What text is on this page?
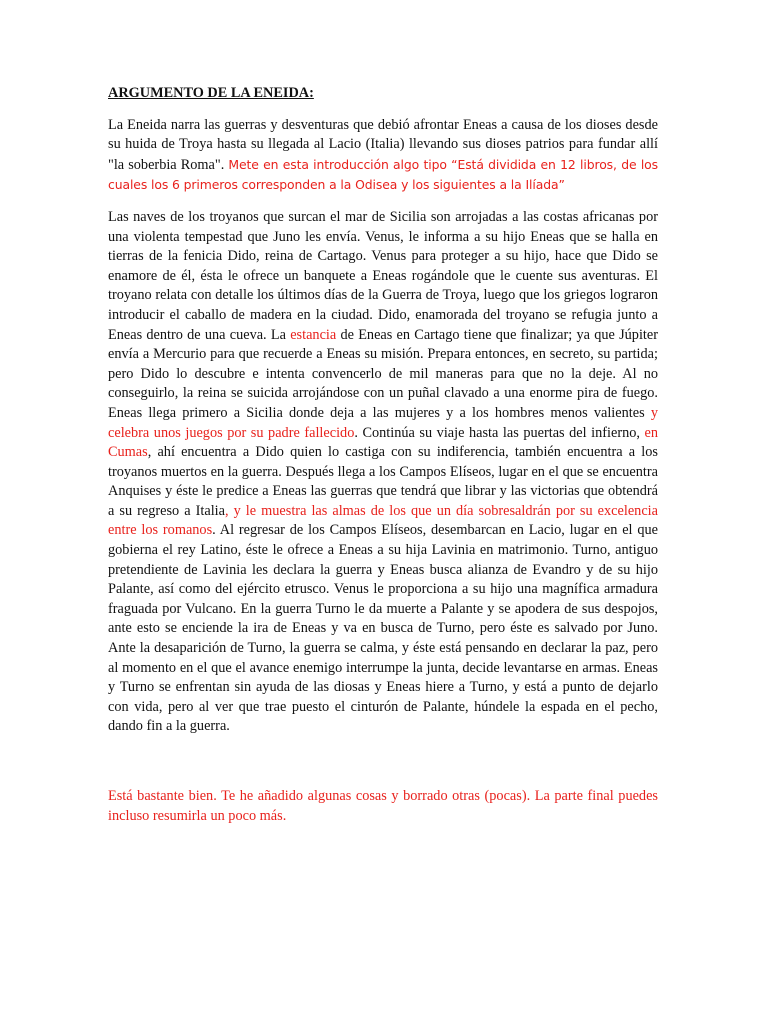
ARGUMENTO DE LA ENEIDA:

La Eneida narra las guerras y desventuras que debió afrontar Eneas a causa de los dioses desde su huida de Troya hasta su llegada al Lacio (Italia) llevando sus dioses patrios para fundar allí "la soberbia Roma". Mete en esta introducción algo tipo “Está dividida en 12 libros, de los cuales los 6 primeros corresponden a la Odisea y los siguientes a la Ilíada”

Las naves de los troyanos que surcan el mar de Sicilia son arrojadas a las costas africanas por una violenta tempestad que Juno les envía. Venus, le informa a su hijo Eneas que se halla en tierras de la fenicia Dido, reina de Cartago. Venus para proteger a su hijo, hace que Dido se enamore de él, ésta le ofrece un banquete a Eneas rogándole que le cuente sus aventuras. El troyano relata con detalle los últimos días de la Guerra de Troya, luego que los griegos lograron introducir el caballo de madera en la ciudad. Dido, enamorada del troyano se refugia junto a Eneas dentro de una cueva. La estancia de Eneas en Cartago tiene que finalizar; ya que Júpiter envía a Mercurio para que recuerde a Eneas su misión. Prepara entonces, en secreto, su partida; pero Dido lo descubre e intenta convencerlo de mil maneras para que no la deje. Al no conseguirlo, la reina se suicida arrojándose con un puñal clavado a una enorme pira de fuego. Eneas llega primero a Sicilia donde deja a las mujeres y a los hombres menos valientes y celebra unos juegos por su padre fallecido. Continúa su viaje hasta las puertas del infierno, en Cumas, ahí encuentra a Dido quien lo castiga con su indiferencia, también encuentra a los troyanos muertos en la guerra. Después llega a los Campos Elíseos, lugar en el que se encuentra Anquises y éste le predice a Eneas las guerras que tendrá que librar y las victorias que obtendrá a su regreso a Italia, y le muestra las almas de los que un día sobresaldrán por su excelencia entre los romanos. Al regresar de los Campos Elíseos, desembarcan en Lacio, lugar en el que gobierna el rey Latino, éste le ofrece a Eneas a su hija Lavinia en matrimonio. Turno, antiguo pretendiente de Lavinia les declara la guerra y Eneas busca alianza de Evandro y de su hijo Palante, así como del ejército etrusco. Venus le proporciona a su hijo una magnífica armadura fraguada por Vulcano. En la guerra Turno le da muerte a Palante y se apodera de sus despojos, ante esto se enciende la ira de Eneas y va en busca de Turno, pero éste es salvado por Juno. Ante la desaparición de Turno, la guerra se calma, y éste está pensando en declarar la paz, pero al momento en el que el avance enemigo interrumpe la junta, decide levantarse en armas. Eneas y Turno se enfrentan sin ayuda de las diosas y Eneas hiere a Turno, y está a punto de dejarlo con vida, pero al ver que trae puesto el cinturón de Palante, húndele la espada en el pecho, dando fin a la guerra.

Está bastante bien. Te he añadido algunas cosas y borrado otras (pocas). La parte final puedes incluso resumirla un poco más.
